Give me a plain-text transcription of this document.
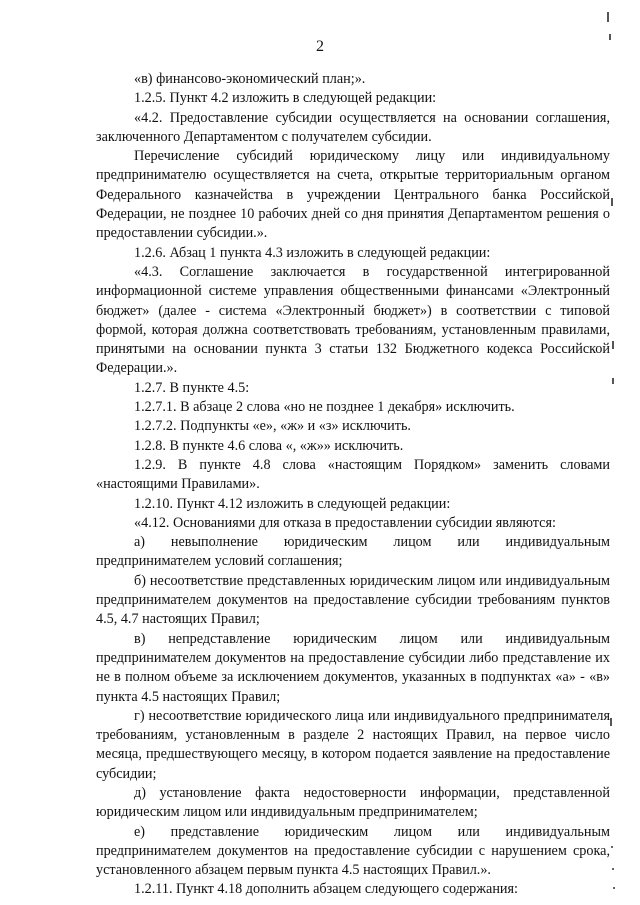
2

«в) финансово-экономический план;».

1.2.5. Пункт 4.2 изложить в следующей редакции:

«4.2. Предоставление субсидии осуществляется на основании соглашения, заключенного Департаментом с получателем субсидии.

Перечисление субсидий юридическому лицу или индивидуальному предпринимателю осуществляется на счета, открытые территориальным органом Федерального казначейства в учреждении Центрального банка Российской Федерации, не позднее 10 рабочих дней со дня принятия Департаментом решения о предоставлении субсидии.».

1.2.6. Абзац 1 пункта 4.3 изложить в следующей редакции:

«4.3. Соглашение заключается в государственной интегрированной информационной системе управления общественными финансами «Электронный бюджет» (далее - система «Электронный бюджет») в соответствии с типовой формой, которая должна соответствовать требованиям, установленным правилами, принятыми на основании пункта 3 статьи 132 Бюджетного кодекса Российской Федерации.».

1.2.7. В пункте 4.5:

1.2.7.1. В абзаце 2 слова «но не позднее 1 декабря» исключить.

1.2.7.2. Подпункты «е», «ж» и «з» исключить.

1.2.8. В пункте 4.6 слова «, «ж»» исключить.

1.2.9. В пункте 4.8 слова «настоящим Порядком» заменить словами «настоящими Правилами».

1.2.10. Пункт 4.12 изложить в следующей редакции:

«4.12. Основаниями для отказа в предоставлении субсидии являются:

а) невыполнение юридическим лицом или индивидуальным предпринимателем условий соглашения;

б) несоответствие представленных юридическим лицом или индивидуальным предпринимателем документов на предоставление субсидии требованиям пунктов 4.5, 4.7 настоящих Правил;

в) непредставление юридическим лицом или индивидуальным предпринимателем документов на предоставление субсидии либо представление их не в полном объеме за исключением документов, указанных в подпунктах «а» - «в» пункта 4.5 настоящих Правил;

г) несоответствие юридического лица или индивидуального предпринимателя требованиям, установленным в разделе 2 настоящих Правил, на первое число месяца, предшествующего месяцу, в котором подается заявление на предоставление субсидии;

д) установление факта недостоверности информации, представленной юридическим лицом или индивидуальным предпринимателем;

е) представление юридическим лицом или индивидуальным предпринимателем документов на предоставление субсидии с нарушением срока, установленного абзацем первым пункта 4.5 настоящих Правил.».

1.2.11. Пункт 4.18 дополнить абзацем следующего содержания:
